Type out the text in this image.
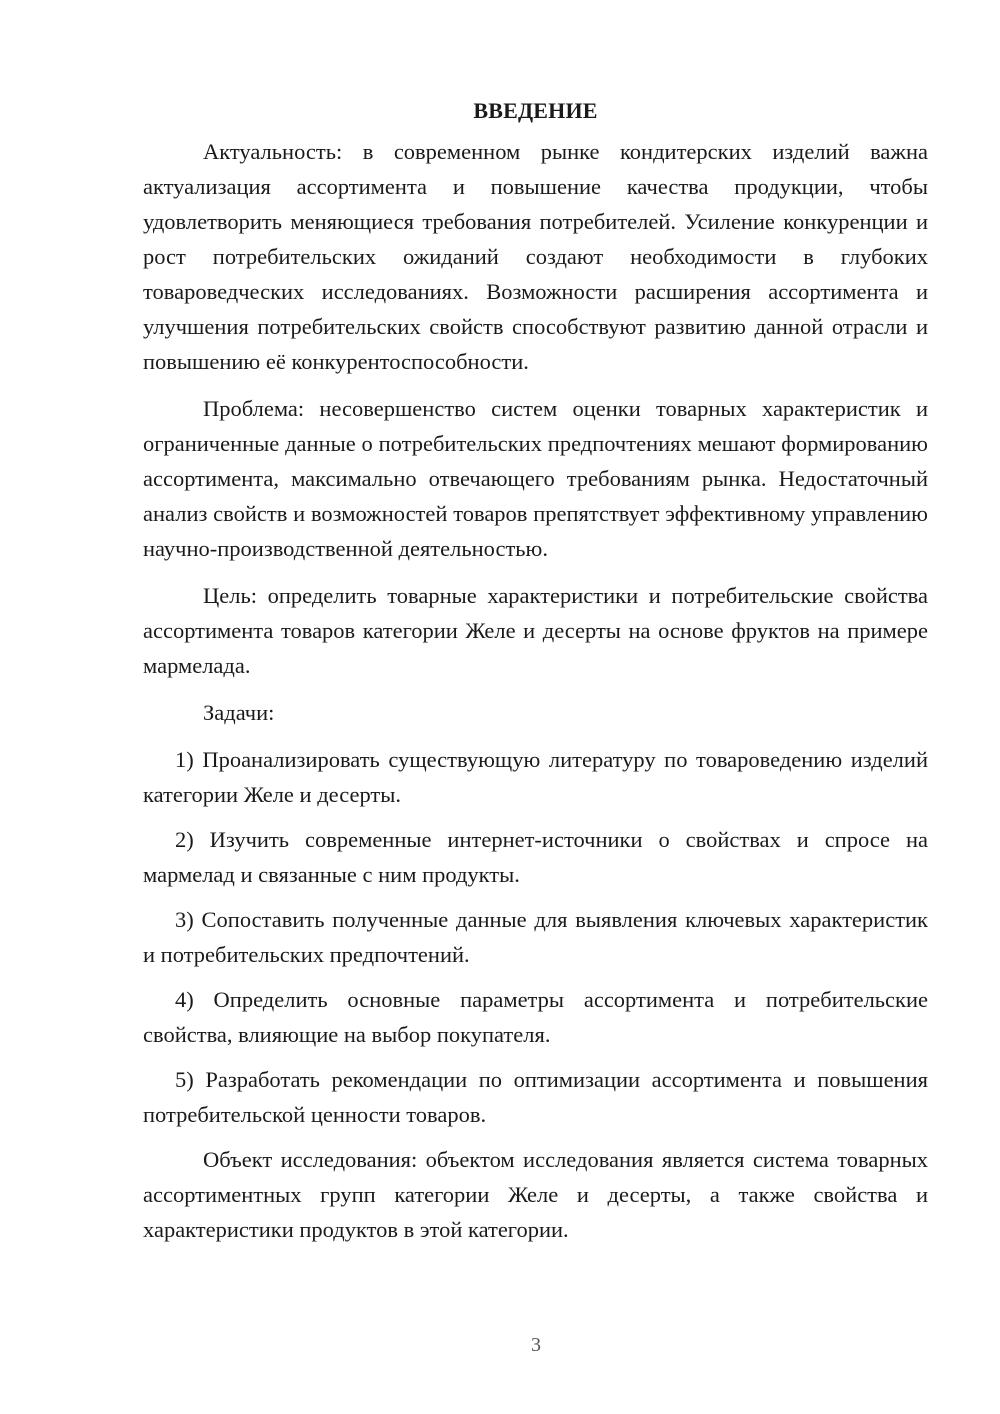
ВВЕДЕНИЕ

Актуальность: в современном рынке кондитерских изделий важна актуализация ассортимента и повышение качества продукции, чтобы удовлетворить меняющиеся требования потребителей. Усиление конкуренции и рост потребительских ожиданий создают необходимости в глубоких товароведческих исследованиях. Возможности расширения ассортимента и улучшения потребительских свойств способствуют развитию данной отрасли и повышению её конкурентоспособности.

Проблема: несовершенство систем оценки товарных характеристик и ограниченные данные о потребительских предпочтениях мешают формированию ассортимента, максимально отвечающего требованиям рынка. Недостаточный анализ свойств и возможностей товаров препятствует эффективному управлению научно-производственной деятельностью.

Цель: определить товарные характеристики и потребительские свойства ассортимента товаров категории Желе и десерты на основе фруктов на примере мармелада.

Задачи:

1) Проанализировать существующую литературу по товароведению изделий категории Желе и десерты.

2) Изучить современные интернет-источники о свойствах и спросе на мармелад и связанные с ним продукты.

3) Сопоставить полученные данные для выявления ключевых характеристик и потребительских предпочтений.

4) Определить основные параметры ассортимента и потребительские свойства, влияющие на выбор покупателя.

5) Разработать рекомендации по оптимизации ассортимента и повышения потребительской ценности товаров.

Объект исследования: объектом исследования является система товарных ассортиментных групп категории Желе и десерты, а также свойства и характеристики продуктов в этой категории.

3
